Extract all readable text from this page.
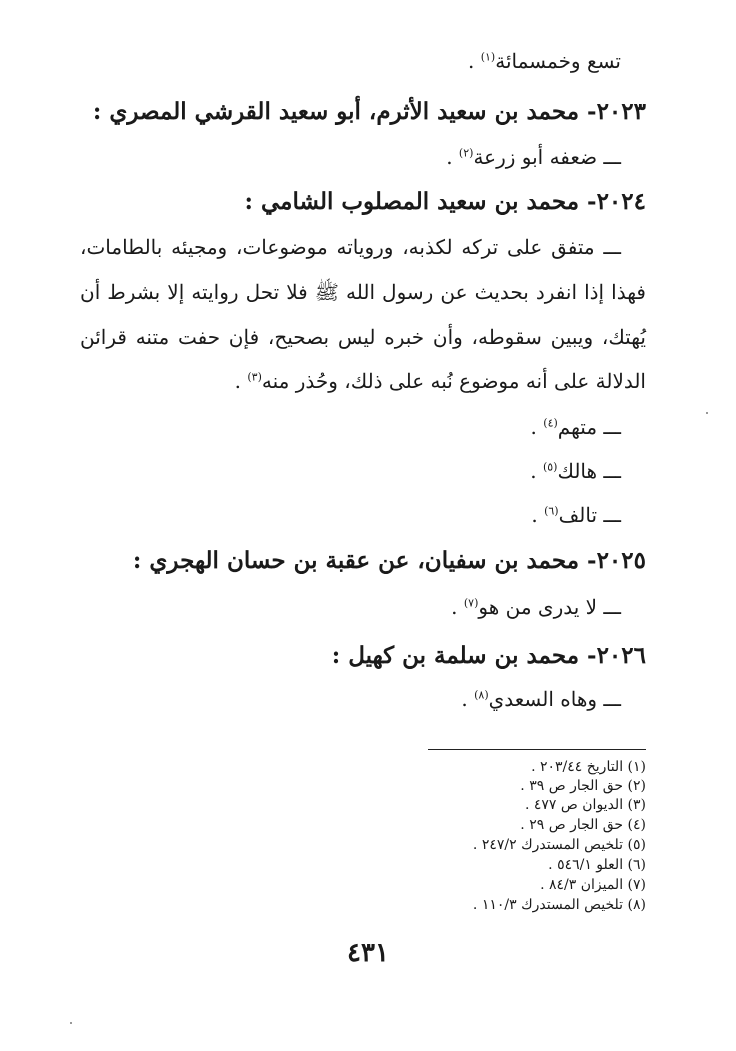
تسع وخمسمائة$^{(١)}$ .
٢٠٢٣- محمد بن سعيد الأثرم، أبو سعيد القرشي المصري :
ـــ ضعفه أبو زرعة$^{(٢)}$ .
٢٠٢٤- محمد بن سعيد المصلوب الشامي :
ـــ متفق على تركه لكذبه، وروياته موضوعات، ومجيئه بالطامات،
فهذا إذا انفرد بحديث عن رسول الله ﷺ فلا تحل روايته إلا بشرط أن
يُهتك، ويبين سقوطه، وأن خبره ليس بصحيح، فإن حفت متنه قرائن
الدلالة على أنه موضوع نُبه على ذلك، وحُذر منه$^{(٣)}$ .
ـــ متهم$^{(٤)}$ .
ـــ هالك$^{(٥)}$ .
ـــ تالف$^{(٦)}$ .
٢٠٢٥- محمد بن سفيان، عن عقبة بن حسان الهجري :
ـــ لا يدرى من هو$^{(٧)}$ .
٢٠٢٦- محمد بن سلمة بن كهيل :
ـــ وهاه السعدي$^{(٨)}$ .
(١) التاريخ ٢٠٣/٤٤ .
(٢) حق الجار ص ٣٩ .
(٣) الديوان ص ٤٧٧ .
(٤) حق الجار ص ٢٩ .
(٥) تلخيص المستدرك ٢٤٧/٢ .
(٦) العلو ٥٤٦/١ .
(٧) الميزان ٨٤/٣ .
(٨) تلخيص المستدرك ١١٠/٣ .
٤٣١
